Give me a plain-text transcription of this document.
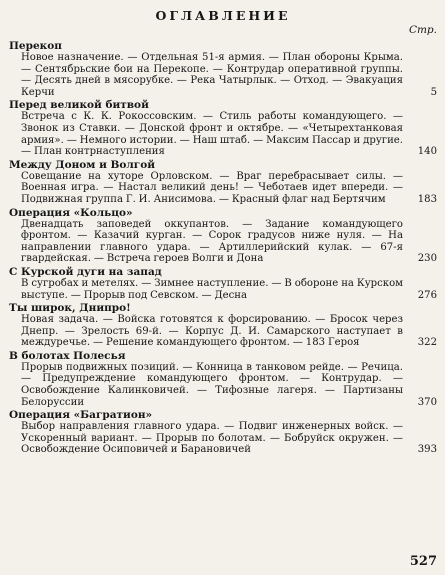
ОГЛАВЛЕНИЕ
Стр.
Перекоп
Новое назначение. — Отдельная 51-я армия. — План обороны Крыма. — Сентябрьские бои на Перекопе. — Контрудар оперативной группы. — Десять дней в мясорубке. — Река Чатырлык. — Отход. — Эвакуация Керчи	5
Перед великой битвой
Встреча с К. К. Рокоссовским. — Стиль работы командующего. — Звонок из Ставки. — Донской фронт и октябре. — «Четырехтанковая армия». — Немного истории. — Наш штаб. — Максим Пассар и другие. — План контрнаступления	140
Между Доном и Волгой
Совещание на хуторе Орловском. — Враг перебрасывает силы. — Военная игра. — Настал великий день! — Чеботаев идет впереди. — Подвижная группа Г. И. Анисимова. — Красный флаг над Бертячим	183
Операция «Кольцо»
Двенадцать заповедей оккупантов. — Задание командующего фронтом. — Казачий курган. — Сорок градусов ниже нуля. — На направлении главного удара. — Артиллерийский кулак. — 67-я гвардейская. — Встреча героев Волги и Дона	230
С Курской дуги на запад
В сугробах и метелях. — Зимнее наступление. — В обороне на Курском выступе. — Прорыв под Севском. — Десна	276
Ты широк, Днипро!
Новая задача. — Войска готовятся к форсированию. — Бросок через Днепр. — Зрелость 69-й. — Корпус Д. И. Самарского наступает в междуречье. — Решение командующего фронтом. — 183 Героя	322
В болотах Полесья
Прорыв подвижных позиций. — Конница в танковом рейде. — Речица. — Предупреждение командующего фронтом. — Контрудар. — Освобождение Калинковичей. — Тифозные лагеря. — Партизаны Белоруссии	370
Операция «Багратион»
Выбор направления главного удара. — Подвиг инженерных войск. — Ускоренный вариант. — Прорыв по болотам. — Бобруйск окружен. — Освобождение Осиповичей и Барановичей	393
527
